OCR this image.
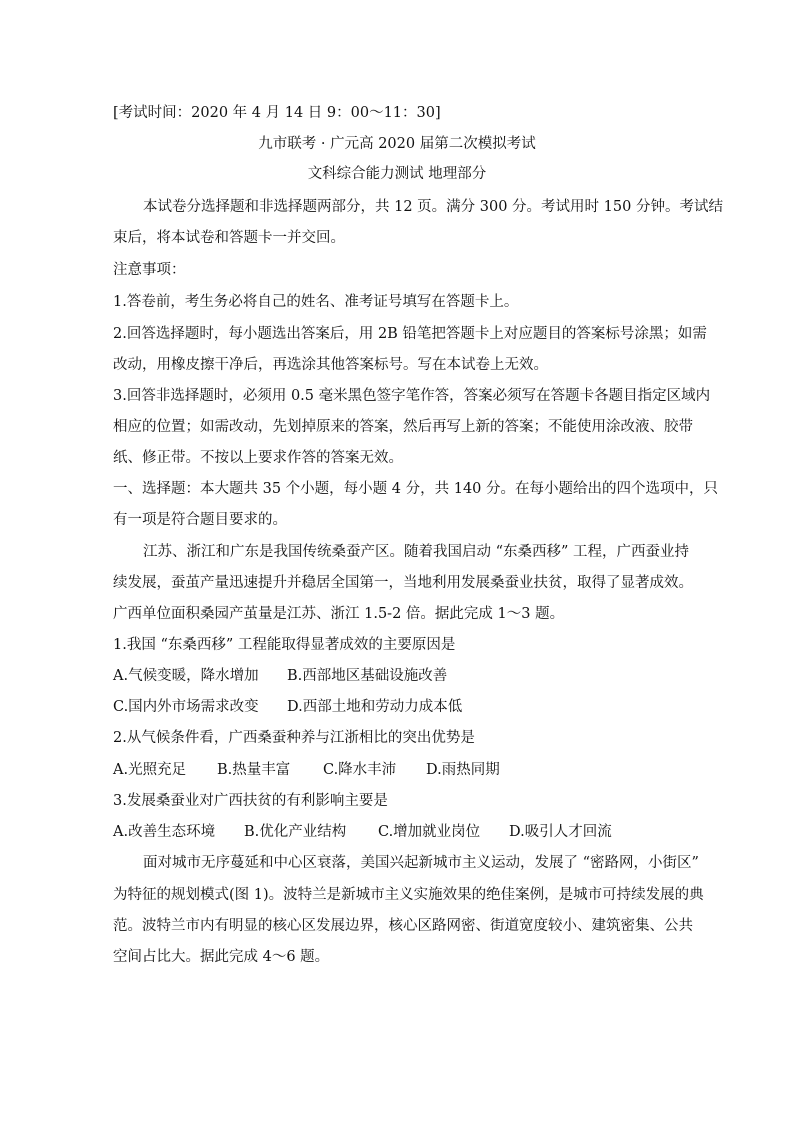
[考试时间：2020 年 4 月 14 日 9：00～11：30]
九市联考 · 广元高 2020 届第二次模拟考试
文科综合能力测试 地理部分
本试卷分选择题和非选择题两部分，共 12 页。满分 300 分。考试用时 150 分钟。考试结
束后，将本试卷和答题卡一并交回。
注意事项：
1.答卷前，考生务必将自己的姓名、准考证号填写在答题卡上。
2.回答选择题时，每小题选出答案后，用 2B 铅笔把答题卡上对应题目的答案标号涂黑；如需
改动，用橡皮擦干净后，再选涂其他答案标号。写在本试卷上无效。
3.回答非选择题时，必须用 0.5 毫米黑色签字笔作答，答案必须写在答题卡各题目指定区域内
相应的位置；如需改动，先划掉原来的答案，然后再写上新的答案；不能使用涂改液、胶带
纸、修正带。不按以上要求作答的答案无效。
一、选择题：本大题共 35 个小题，每小题 4 分，共 140 分。在每小题给出的四个选项中，只
有一项是符合题目要求的。
江苏、浙江和广东是我国传统桑蚕产区。随着我国启动 “东桑西移” 工程，广西蚕业持
续发展，蚕茧产量迅速提升并稳居全国第一，当地利用发展桑蚕业扶贫，取得了显著成效。
广西单位面积桑园产茧量是江苏、浙江 1.5-2 倍。据此完成 1～3 题。
1.我国 “东桑西移” 工程能取得显著成效的主要原因是
A.气候变暖，降水增加 B.西部地区基础设施改善
C.国内外市场需求改变 D.西部土地和劳动力成本低
2.从气候条件看，广西桑蚕种养与江浙相比的突出优势是
A.光照充足 B.热量丰富 C.降水丰沛 D.雨热同期
3.发展桑蚕业对广西扶贫的有利影响主要是
A.改善生态环境 B.优化产业结构 C.增加就业岗位 D.吸引人才回流
面对城市无序蔓延和中心区衰落，美国兴起新城市主义运动，发展了 “密路网，小街区”
为特征的规划模式(图 1)。波特兰是新城市主义实施效果的绝佳案例，是城市可持续发展的典
范。波特兰市内有明显的核心区发展边界，核心区路网密、街道宽度较小、建筑密集、公共
空间占比大。据此完成 4～6 题。
